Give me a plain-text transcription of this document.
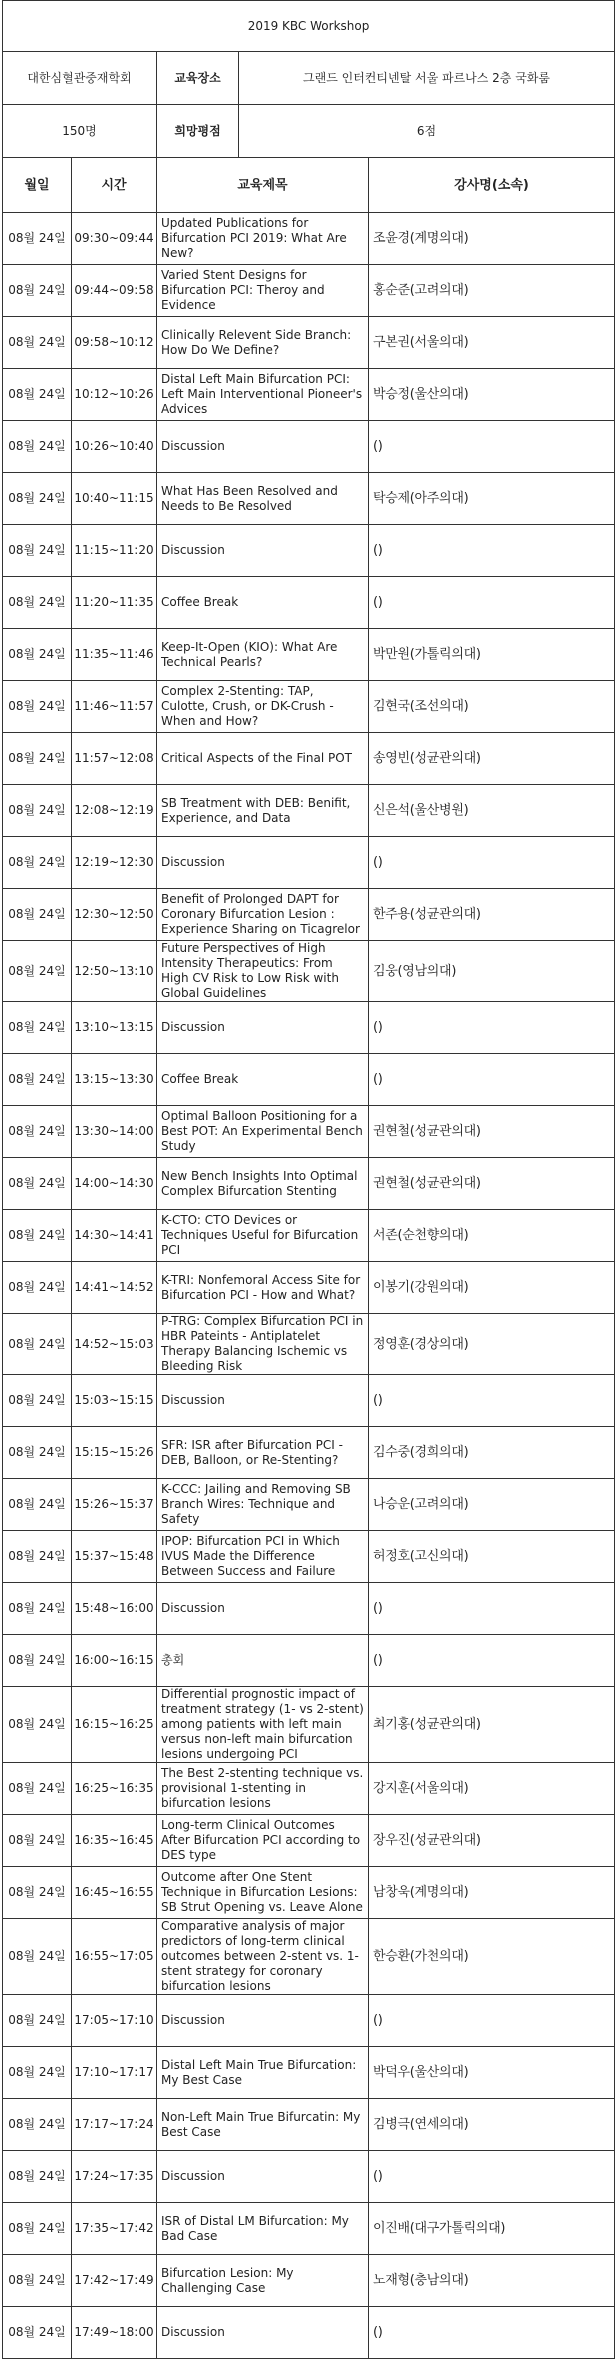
2019 KBC Workshop				
대한심혈관중재학회		교육장소	그랜드 인터컨티넨탈 서울 파르나스 2층 국화룸	
150명		희망평점	6점	
월일	시간	교육제목		강사명(소속)
08월 24일	09:30~09:44	Updated Publications for Bifurcation PCI 2019: What Are New?		조윤경(계명의대)
08월 24일	09:44~09:58	Varied Stent Designs for Bifurcation PCI: Theroy and Evidence		홍순준(고려의대)
08월 24일	09:58~10:12	Clinically Relevent Side Branch: How Do We Define?		구본권(서울의대)
08월 24일	10:12~10:26	Distal Left Main Bifurcation PCI: Left Main Interventional Pioneer's Advices		박승정(울산의대)
08월 24일	10:26~10:40	Discussion		()
08월 24일	10:40~11:15	What Has Been Resolved and Needs to Be Resolved		탁승제(아주의대)
08월 24일	11:15~11:20	Discussion		()
08월 24일	11:20~11:35	Coffee Break		()
08월 24일	11:35~11:46	Keep-It-Open (KIO): What Are Technical Pearls?		박만원(가톨릭의대)
08월 24일	11:46~11:57	Complex 2-Stenting: TAP, Culotte, Crush, or DK-Crush - When and How?		김현국(조선의대)
08월 24일	11:57~12:08	Critical Aspects of the Final POT		송영빈(성균관의대)
08월 24일	12:08~12:19	SB Treatment with DEB: Benifit, Experience, and Data		신은석(울산병원)
08월 24일	12:19~12:30	Discussion		()
08월 24일	12:30~12:50	Benefit of Prolonged DAPT for Coronary Bifurcation Lesion : Experience Sharing on Ticagrelor		한주용(성균관의대)
08월 24일	12:50~13:10	Future Perspectives of High Intensity Therapeutics: From High CV Risk to Low Risk with Global Guidelines		김웅(영남의대)
08월 24일	13:10~13:15	Discussion		()
08월 24일	13:15~13:30	Coffee Break		()
08월 24일	13:30~14:00	Optimal Balloon Positioning for a Best POT: An Experimental Bench Study		권현철(성균관의대)
08월 24일	14:00~14:30	New Bench Insights Into Optimal Complex Bifurcation Stenting		권현철(성균관의대)
08월 24일	14:30~14:41	K-CTO: CTO Devices or Techniques Useful for Bifurcation PCI		서존(순천향의대)
08월 24일	14:41~14:52	K-TRI: Nonfemoral Access Site for Bifurcation PCI - How and What?		이봉기(강원의대)
08월 24일	14:52~15:03	P-TRG: Complex Bifurcation PCI in HBR Pateints - Antiplatelet Therapy Balancing Ischemic vs Bleeding Risk		정영훈(경상의대)
08월 24일	15:03~15:15	Discussion		()
08월 24일	15:15~15:26	SFR: ISR after Bifurcation PCI - DEB, Balloon, or Re-Stenting?		김수중(경희의대)
08월 24일	15:26~15:37	K-CCC: Jailing and Removing SB Branch Wires: Technique and Safety		나승운(고려의대)
08월 24일	15:37~15:48	IPOP: Bifurcation PCI in Which IVUS Made the Difference Between Success and Failure		허정호(고신의대)
08월 24일	15:48~16:00	Discussion		()
08월 24일	16:00~16:15	총회		()
08월 24일	16:15~16:25	Differential prognostic impact of treatment strategy (1- vs 2-stent) among patients with left main versus non-left main bifurcation lesions undergoing PCI		최기홍(성균관의대)
08월 24일	16:25~16:35	The Best 2-stenting technique vs. provisional 1-stenting in bifurcation lesions		강지훈(서울의대)
08월 24일	16:35~16:45	Long-term Clinical Outcomes After Bifurcation PCI according to DES type		장우진(성균관의대)
08월 24일	16:45~16:55	Outcome after One Stent Technique in Bifurcation Lesions: SB Strut Opening vs. Leave Alone		남창욱(계명의대)
08월 24일	16:55~17:05	Comparative analysis of major predictors of long-term clinical outcomes between 2-stent vs. 1-stent strategy for coronary bifurcation lesions		한승환(가천의대)
08월 24일	17:05~17:10	Discussion		()
08월 24일	17:10~17:17	Distal Left Main True Bifurcation: My Best Case		박덕우(울산의대)
08월 24일	17:17~17:24	Non-Left Main True Bifurcatin: My Best Case		김병극(연세의대)
08월 24일	17:24~17:35	Discussion		()
08월 24일	17:35~17:42	ISR of Distal LM Bifurcation: My Bad Case		이진배(대구가톨릭의대)
08월 24일	17:42~17:49	Bifurcation Lesion: My Challenging Case		노재형(충남의대)
08월 24일	17:49~18:00	Discussion		()
